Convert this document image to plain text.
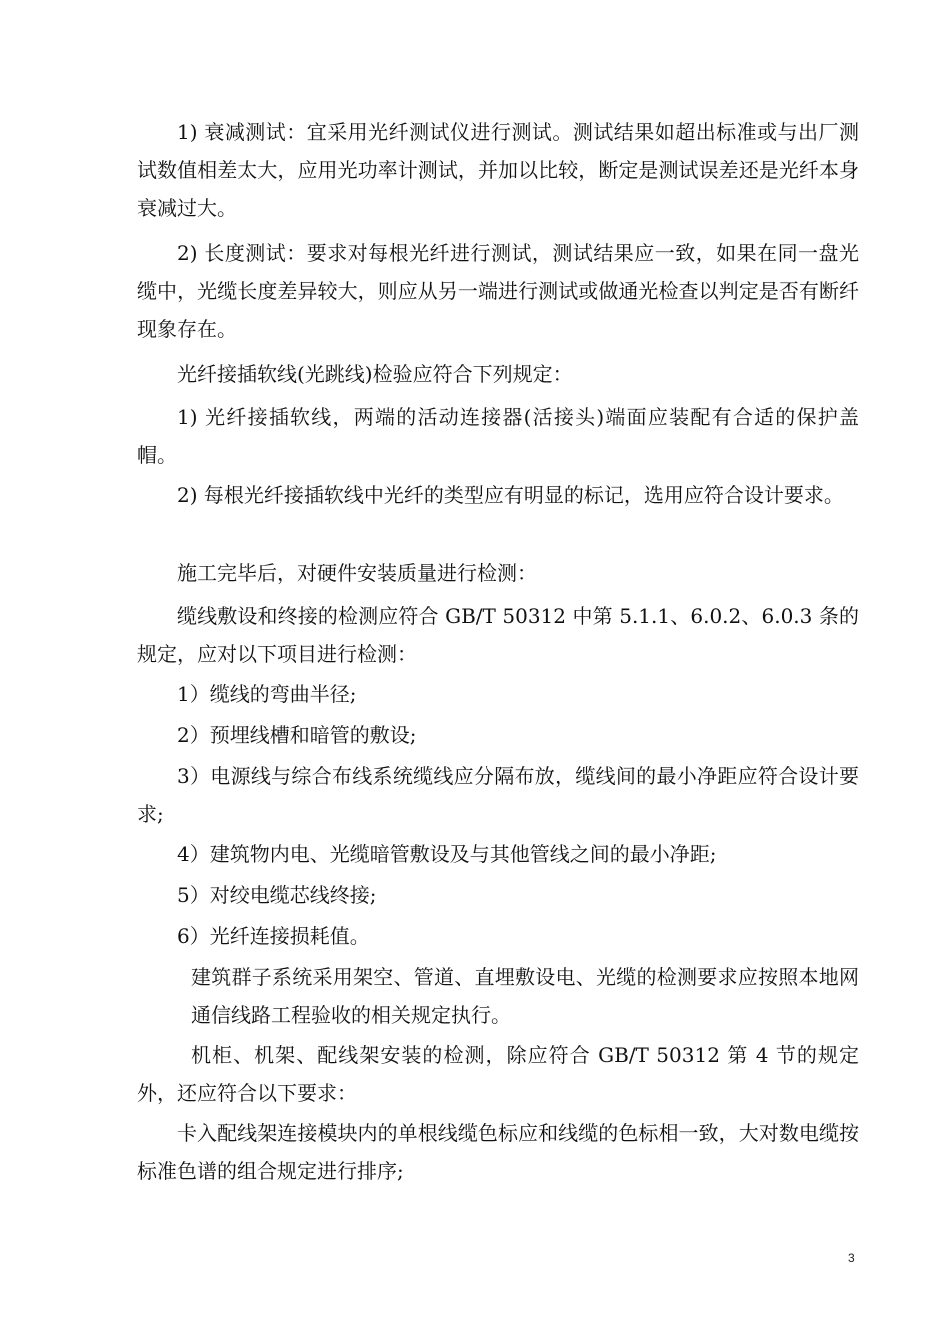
1) 衰减测试：宜采用光纤测试仪进行测试。测试结果如超出标准或与出厂测试数值相差太大，应用光功率计测试，并加以比较，断定是测试误差还是光纤本身衰减过大。

2) 长度测试：要求对每根光纤进行测试，测试结果应一致，如果在同一盘光缆中，光缆长度差异较大，则应从另一端进行测试或做通光检查以判定是否有断纤现象存在。

光纤接插软线(光跳线)检验应符合下列规定：

1) 光纤接插软线，两端的活动连接器(活接头)端面应装配有合适的保护盖帽。

2) 每根光纤接插软线中光纤的类型应有明显的标记，选用应符合设计要求。

施工完毕后，对硬件安装质量进行检测：

缆线敷设和终接的检测应符合 GB/T 50312 中第 5.1.1、6.0.2、6.0.3 条的规定，应对以下项目进行检测：

1）缆线的弯曲半径;

2）预埋线槽和暗管的敷设;

3）电源线与综合布线系统缆线应分隔布放，缆线间的最小净距应符合设计要求;

4）建筑物内电、光缆暗管敷设及与其他管线之间的最小净距;

5）对绞电缆芯线终接;

6）光纤连接损耗值。

建筑群子系统采用架空、管道、直埋敷设电、光缆的检测要求应按照本地网通信线路工程验收的相关规定执行。

机柜、机架、配线架安装的检测，除应符合 GB/T 50312 第 4 节的规定外，还应符合以下要求：

卡入配线架连接模块内的单根线缆色标应和线缆的色标相一致，大对数电缆按标准色谱的组合规定进行排序;

3
